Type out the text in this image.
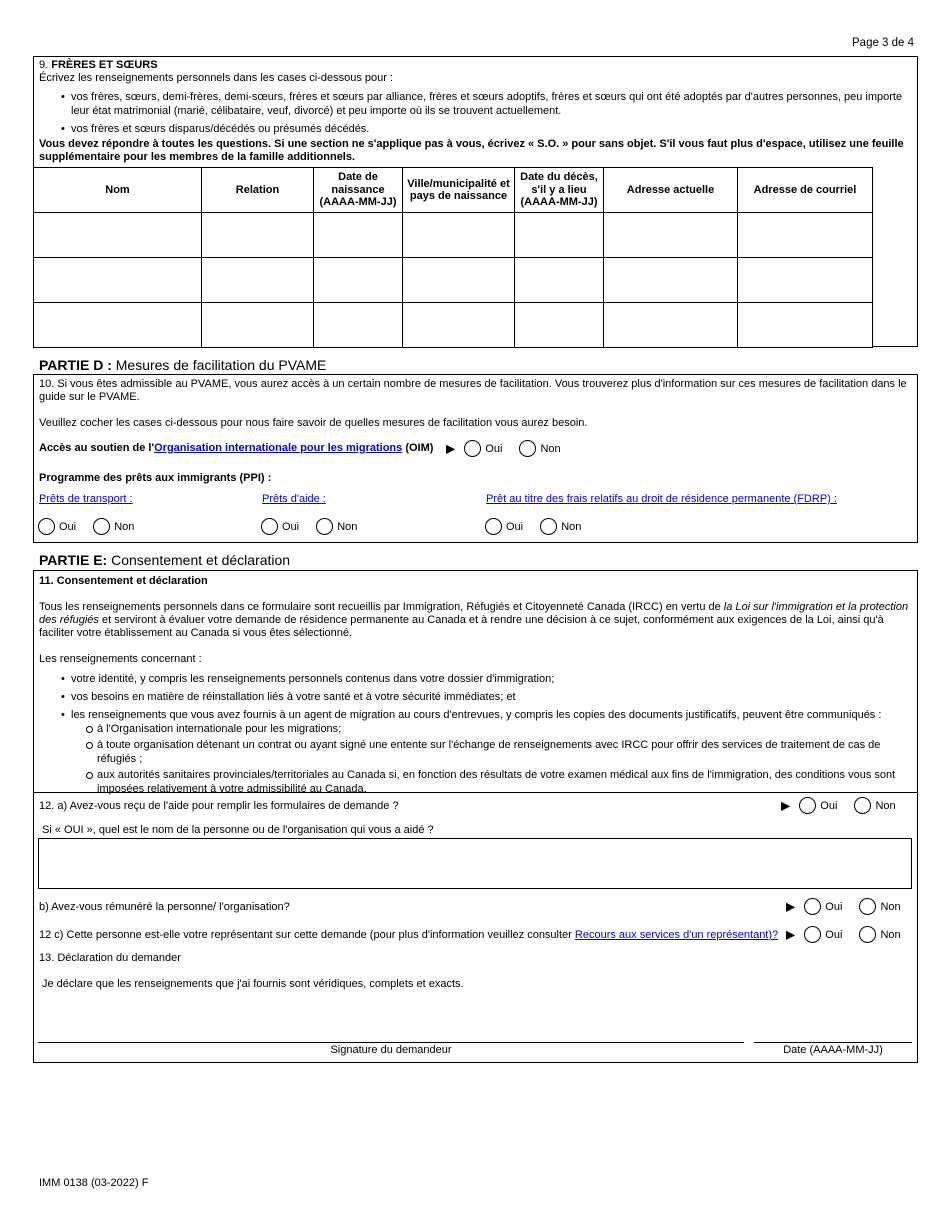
Page 3 de 4
9. FRÈRES ET SŒURS
Écrivez les renseignements personnels dans les cases ci-dessous pour :
• vos frères, sœurs, demi-frères, demi-sœurs, frères et sœurs par alliance, frères et sœurs adoptifs, frères et sœurs qui ont été adoptés par d'autres personnes, peu importe leur état matrimonial (marié, célibataire, veuf, divorcé) et peu importe où ils se trouvent actuellement.
• vos frères et sœurs disparus/décédés ou présumés décédés.
Vous devez répondre à toutes les questions. Si une section ne s'applique pas à vous, écrivez « S.O. » pour sans objet. S'il vous faut plus d'espace, utilisez une feuille supplémentaire pour les membres de la famille additionnels.
Nom	Relation	Date de naissance (AAAA-MM-JJ)	Ville/municipalité et pays de naissance	Date du décès, s'il y a lieu (AAAA-MM-JJ)	Adresse actuelle	Adresse de courriel

PARTIE D : Mesures de facilitation du PVAME
10. Si vous êtes admissible au PVAME, vous aurez accès à un certain nombre de mesures de facilitation. Vous trouverez plus d'information sur ces mesures de facilitation dans le guide sur le PVAME.
Veuillez cocher les cases ci-dessous pour nous faire savoir de quelles mesures de facilitation vous aurez besoin.
Accès au soutien de l'Organisation internationale pour les migrations (OIM) ▶	Oui	Non
Programme des prêts aux immigrants (PPI) :
Prêts de transport :	Prêts d'aide :	Prêt au titre des frais relatifs au droit de résidence permanente (FDRP) :
Oui	Non	Oui	Non	Oui	Non
PARTIE E: Consentement et déclaration
11. Consentement et déclaration
Tous les renseignements personnels dans ce formulaire sont recueillis par Immigration, Réfugiés et Citoyenneté Canada (IRCC) en vertu de la Loi sur l'immigration et la protection des réfugiés et serviront à évaluer votre demande de résidence permanente au Canada et à rendre une décision à ce sujet, conformément aux exigences de la Loi, ainsi qu'à faciliter votre établissement au Canada si vous êtes sélectionné.
Les renseignements concernant :
• votre identité, y compris les renseignements personnels contenus dans votre dossier d'immigration;
• vos besoins en matière de réinstallation liés à votre santé et à votre sécurité immédiates; et
• les renseignements que vous avez fournis à un agent de migration au cours d'entrevues, y compris les copies des documents justificatifs, peuvent être communiqués :
à l'Organisation internationale pour les migrations;
à toute organisation détenant un contrat ou ayant signé une entente sur l'échange de renseignements avec IRCC pour offrir des services de traitement de cas de réfugiés ;
aux autorités sanitaires provinciales/territoriales au Canada si, en fonction des résultats de votre examen médical aux fins de l'immigration, des conditions vous sont imposées relativement à votre admissibilité au Canada.
12. a) Avez-vous reçu de l'aide pour remplir les formulaires de demande ?	▶	Oui	Non
Si « OUI », quel est le nom de la personne ou de l'organisation qui vous a aidé ?
b) Avez-vous rémunéré la personne/ l'organisation?	▶	Oui	Non
12 c) Cette personne est-elle votre représentant sur cette demande (pour plus d'information veuillez consulter Recours aux services d'un représentant)? ▶	Oui	Non
13. Déclaration du demander
Je déclare que les renseignements que j'ai fournis sont véridiques, complets et exacts.
Signature du demandeur	Date (AAAA-MM-JJ)
IMM 0138 (03-2022) F
